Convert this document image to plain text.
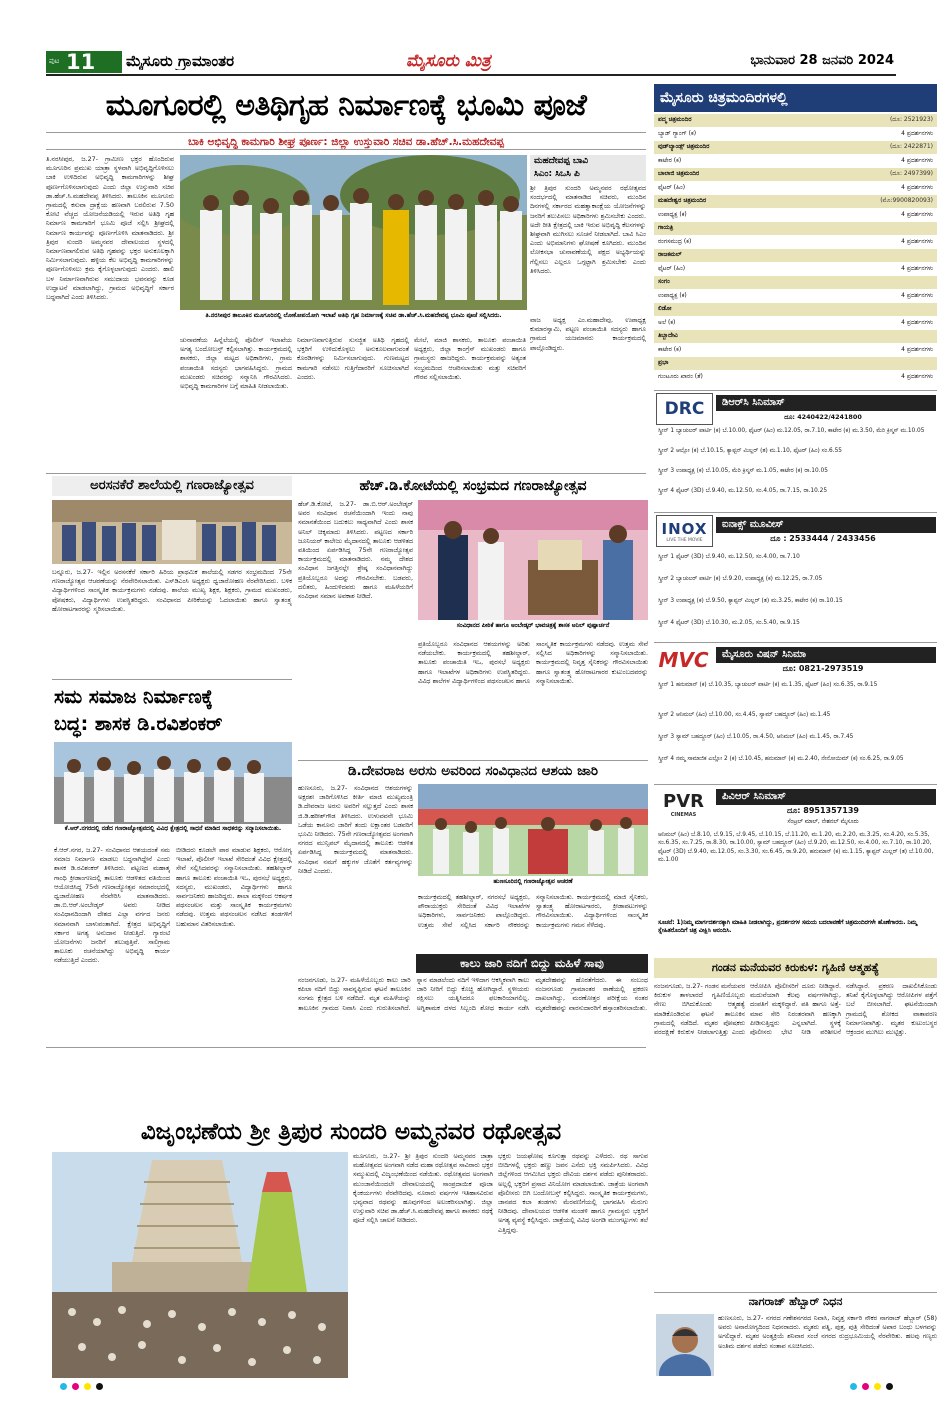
ಪುಟ 11 ಮೈಸೂರು ಗ್ರಾಮಾಂತರ	ಮೈಸೂರು ಮಿತ್ರ	ಭಾನುವಾರ 28 ಜನವರಿ 2024
ಮೂಗೂರಲ್ಲಿ ಅತಿಥಿಗೃಹ ನಿರ್ಮಾಣಕ್ಕೆ ಭೂಮಿ ಪೂಜೆ
ಬಾಕಿ ಅಭಿವೃದ್ಧಿ ಕಾಮಗಾರಿ ಶೀಘ್ರ ಪೂರ್ಣ: ಜಿಲ್ಲಾ ಉಸ್ತುವಾರಿ ಸಚಿವ ಡಾ.ಹೆಚ್.ಸಿ.ಮಹದೇವಪ್ಪ
ತಿ.ನರಸೀಪುರ, ಜ.27- ಗ್ರಾಮೀಣ ಭಕ್ತರ ಹೊಂದಿರುವ ಮೂಗೂರಿನ ಪ್ರಮುಖ ಯಾತ್ರಾ ಸ್ಥಳವಾಗಿ ಅಭಿವೃದ್ಧಿಗೊಳಿಸಲು ಬಾಕಿ ಉಳಿದಿರುವ ಅಭಿವೃದ್ಧಿ ಕಾಮಗಾರಿಗಳನ್ನು ಶೀಘ್ರ ಪೂರ್ಣಗೊಳಿಸಲಾಗುವುದು ಎಂದು ಜಿಲ್ಲಾ ಉಸ್ತುವಾರಿ ಸಚಿವ ಡಾ.ಹೆಚ್.ಸಿ.ಮಹದೇವಪ್ಪ ತಿಳಿಸಿದರು. ತಾಲೂಕಿನ ಮೂಗೂರು ಗ್ರಾಮದಲ್ಲಿ ಕಸುವಾ ದ್ರಾಕ್ಷೆಯ ಹಣವಾಗಿ ಬರಲಿರುವ 7.50 ಕೋಟಿ ವೆಚ್ಚದ ಯೋಜನೆಯಡಿಯಲ್ಲಿ ಇರುವ ಅತಿಥಿ ಗೃಹ ನಿರ್ಮಾಣ ಕಾಮಗಾರಿಗೆ ಭೂಮಿ ಪೂಜೆ ಸಲ್ಲಿಸಿ ಶ್ರೀಘ್ರದಲ್ಲಿ ನಿರ್ಮಾಣ ಕಾರ್ಯವನ್ನು ಪೂರ್ಣಗೊಳಿಸಿ ಮಾತನಾಡಿದರು. ಶ್ರೀ ತ್ರಿಪುರ ಸುಂದರಿ ಅಮ್ಮನವರ ದೇವಾಲಯದ ಸ್ಥಳದಲ್ಲಿ ನಿರ್ಮಾಣವಾಗಲಿರುವ ಅತಿಥಿ ಗೃಹವನ್ನು ಭಕ್ತರ ಅನುಕೂಲಕ್ಕಾಗಿ ನಿರ್ಮಿಸಲಾಗುವುದು. ಹಳ್ಳಿಯ ಕೆಲ ಅಭಿವೃದ್ಧಿ ಕಾಮಗಾರಿಗಳನ್ನು ಪೂರ್ಣಗೊಳಿಸಲು ಕ್ರಮ ಕೈಗೊಳ್ಳಲಾಗುವುದು ಎಂದರು. ಹಾಲಿ ಬಳ ನಿರ್ಮಾಣವಾಗಿರುವ ಸಮುದಾಯ ಭವನವನ್ನು ಕೂಡ ಉದ್ಘಾಟನೆ ಮಾಡಲಾಗಿದ್ದು, ಗ್ರಾಮದ ಅಭಿವೃದ್ಧಿಗೆ ಸರ್ಕಾರ ಬದ್ಧವಾಗಿದೆ ಎಂದು ತಿಳಿಸಿದರು.
ತಿ.ನರಸೀಪುರ ತಾಲೂಕಿನ ಮೂಗೂರಿನಲ್ಲಿ ಲೋಕೋಪಯೋಗಿ ಇಲಾಖೆ ಅತಿಥಿ ಗೃಹ ನಿರ್ಮಾಣಕ್ಕೆ ಸಚಿವ ಡಾ.ಹೆಚ್.ಸಿ.ಮಹದೇವಪ್ಪ ಭೂಮಿ ಪೂಜೆ ಸಲ್ಲಿಸಿದರು.
ಮಹದೇವಪ್ಪ ಬಾವಿ
ಸಿಎಂ: ಸಿಒಸಿ ಪಿ
ಶ್ರೀ ತ್ರಿಪುರ ಸುಂದರಿ ಅಮ್ಮನವರ ರಥೋತ್ಸವದ ಸಂದರ್ಭದಲ್ಲಿ ಮಾತನಾಡಿದ ಸಚಿವರು, ಮುಂದಿನ ದಿನಗಳಲ್ಲಿ ಸರ್ಕಾರದ ಮಹತ್ವಾಕಾಂಕ್ಷೆಯ ಯೋಜನೆಗಳನ್ನು ಜನರಿಗೆ ತಲುಪಿಸಲು ಅಧಿಕಾರಿಗಳು ಶ್ರಮಿಸಬೇಕು ಎಂದರು. ಅದೇ ರೀತಿ ಕ್ಷೇತ್ರದಲ್ಲಿ ಬಾಕಿ ಇರುವ ಅಭಿವೃದ್ಧಿ ಕೆಲಸಗಳನ್ನು ಶೀಘ್ರವಾಗಿ ಮುಗಿಸಲು ಸೂಚನೆ ನೀಡಲಾಗಿದೆ. ಬಾವಿ ಸಿಎಂ ಎಂದು ಅಭಿಮಾನಿಗಳು ಘೋಷಣೆ ಕೂಗಿದರು. ಮುಂದಿನ ಲೋಕಸಭಾ ಚುನಾವಣೆಯಲ್ಲಿ ಪಕ್ಷದ ಅಭ್ಯರ್ಥಿಯನ್ನು ಗೆಲ್ಲಿಸಲು ಎಲ್ಲರೂ ಒಗ್ಗಟ್ಟಾಗಿ ಶ್ರಮಿಸಬೇಕು ಎಂದು ತಿಳಿಸಿದರು.
ಚುನಾವಣೆಯ ಹಿನ್ನೆಲೆಯಲ್ಲಿ ಪೊಲೀಸ್ ಇಲಾಖೆಯ ಅಗತ್ಯ ಬಂದೋಬಸ್ತ್ ಕಲ್ಪಿಸಲಾಗಿತ್ತು. ಕಾರ್ಯಕ್ರಮದಲ್ಲಿ ಶಾಸಕರು, ಜಿಲ್ಲಾ ಮಟ್ಟದ ಅಧಿಕಾರಿಗಳು, ಗ್ರಾಮ ಪಂಚಾಯಿತಿ ಸದಸ್ಯರು ಭಾಗವಹಿಸಿದ್ದರು. ಗ್ರಾಮದ ಮುಖಂಡರು ಸಚಿವರನ್ನು ಸನ್ಮಾನಿಸಿ ಗೌರವಿಸಿದರು. ಅಭಿವೃದ್ಧಿ ಕಾಮಗಾರಿಗಳ ಬಗ್ಗೆ ಮಾಹಿತಿ ನೀಡಲಾಯಿತು.
ನಿರ್ಮಾಣವಾಗುತ್ತಿರುವ ಸುಸಜ್ಜಿತ ಅತಿಥಿ ಗೃಹದಲ್ಲಿ ಭಕ್ತರಿಗೆ ಉಳಿದುಕೊಳ್ಳಲು ಅನುಕೂಲವಾಗುವಂತೆ ಕೊಠಡಿಗಳನ್ನು ನಿರ್ಮಿಸಲಾಗುವುದು. ಗುಣಮಟ್ಟದ ಕಾಮಗಾರಿ ನಡೆಸಲು ಗುತ್ತಿಗೆದಾರರಿಗೆ ಸೂಚಿಸಲಾಗಿದೆ ಎಂದರು.
ಮೇಲೆ, ಮಾಜಿ ಶಾಸಕರು, ತಾಲೂಕು ಪಂಚಾಯಿತಿ ಅಧ್ಯಕ್ಷರು, ಜಿಲ್ಲಾ ಕಾಂಗ್ರೆಸ್ ಮುಖಂಡರು ಹಾಗೂ ಗ್ರಾಮಸ್ಥರು ಹಾಜರಿದ್ದರು. ಕಾರ್ಯಕ್ರಮವನ್ನು ಅತ್ಯಂತ ಸಂಭ್ರಮದಿಂದ ಆಚರಿಸಲಾಯಿತು ಮತ್ತು ಸಚಿವರಿಗೆ ಗೌರವ ಸಲ್ಲಿಸಲಾಯಿತು.
ವಾಜ ಅಧ್ಯಕ್ಷ ಎಂ.ಮಹಾದೇವು, ಉಪಾಧ್ಯಕ್ಷ ಕುಮಾರಸ್ವಾಮಿ, ಪಟ್ಟಣ ಪಂಚಾಯಿತಿ ಸದಸ್ಯರು ಹಾಗೂ ಗ್ರಾಮದ ಯಜಮಾನರು ಕಾರ್ಯಕ್ರಮದಲ್ಲಿ ಪಾಲ್ಗೊಂಡಿದ್ದರು.
ಅರಸನಕೆರೆ ಶಾಲೆಯಲ್ಲಿ ಗಣರಾಜ್ಯೋತ್ಸವ
ಬನ್ನೂರು, ಜ.27- ಇಲ್ಲಿನ ಅರಸನಕೆರೆ ಸರ್ಕಾರಿ ಹಿರಿಯ ಪ್ರಾಥಮಿಕ ಶಾಲೆಯಲ್ಲಿ ಸಡಗರ ಸಂಭ್ರಮದಿಂದ 75ನೇ ಗಣರಾಜ್ಯೋತ್ಸವ ಆಚರಣೆಯನ್ನು ನೆರವೇರಿಸಲಾಯಿತು. ಎಸ್‌ಡಿಎಂಸಿ ಅಧ್ಯಕ್ಷರು ಧ್ವಜಾರೋಹಣ ನೆರವೇರಿಸಿದರು. ಬಳಿಕ ವಿದ್ಯಾರ್ಥಿಗಳಿಂದ ಸಾಂಸ್ಕೃತಿಕ ಕಾರ್ಯಕ್ರಮಗಳು ನಡೆದವು. ಶಾಲೆಯ ಮುಖ್ಯ ಶಿಕ್ಷಕ, ಶಿಕ್ಷಕರು, ಗ್ರಾಮದ ಮುಖಂಡರು, ಪೋಷಕರು, ವಿದ್ಯಾರ್ಥಿಗಳು ಉಪಸ್ಥಿತರಿದ್ದರು. ಸಂವಿಧಾನದ ಪೀಠಿಕೆಯನ್ನು ಓದಲಾಯಿತು ಹಾಗೂ ಸ್ವಾತಂತ್ರ್ಯ ಹೋರಾಟಗಾರರನ್ನು ಸ್ಮರಿಸಲಾಯಿತು.
ಹೆಚ್.ಡಿ.ಕೋಟೆಯಲ್ಲಿ ಸಂಭ್ರಮದ ಗಣರಾಜ್ಯೋತ್ಸವ
ಹೆಚ್.ಡಿ.ಕೋಟೆ, ಜ.27- ಡಾ.ಬಿ.ಆರ್.ಅಂಬೇಡ್ಕರ್ ಅವರ ಸಂವಿಧಾನ ರಚನೆಯಿಂದಾಗಿ ಇಂದು ನಾವು ಸಮಾನತೆಯಿಂದ ಬದುಕಲು ಸಾಧ್ಯವಾಗಿದೆ ಎಂದು ಶಾಸಕ ಅನಿಲ್ ಚಿಕ್ಕಮಾದು ತಿಳಿಸಿದರು. ಪಟ್ಟಣದ ಸರ್ಕಾರಿ ಜೂನಿಯರ್ ಕಾಲೇಜು ಮೈದಾನದಲ್ಲಿ ತಾಲೂಕು ಆಡಳಿತದ ವತಿಯಿಂದ ಏರ್ಪಡಿಸಿದ್ದ 75ನೇ ಗಣರಾಜ್ಯೋತ್ಸವ ಕಾರ್ಯಕ್ರಮದಲ್ಲಿ ಮಾತನಾಡಿದರು. ನಮ್ಮ ದೇಶದ ಸಂವಿಧಾನ ಜಗತ್ತಿನಲ್ಲೇ ಶ್ರೇಷ್ಠ ಸಂವಿಧಾನವಾಗಿದ್ದು ಪ್ರತಿಯೊಬ್ಬರೂ ಅದನ್ನು ಗೌರವಿಸಬೇಕು. ಬಡವರು, ದಲಿತರು, ಹಿಂದುಳಿದವರು ಹಾಗೂ ಮಹಿಳೆಯರಿಗೆ ಸಂವಿಧಾನ ಸಮಾನ ಅವಕಾಶ ನೀಡಿದೆ.
ಸಂವಿಧಾನದ ಪೀಠಿಕೆ ಹಾಗೂ ಅಂಬೇಡ್ಕರ್ ಭಾವಚಿತ್ರಕ್ಕೆ ಶಾಸಕ ಅನಿಲ್ ಪುಷ್ಪಾರ್ಚನೆ
ಪ್ರತಿಯೊಬ್ಬರೂ ಸಂವಿಧಾನದ ಆಶಯಗಳನ್ನು ಅರಿತು ನಡೆಯಬೇಕು. ಕಾರ್ಯಕ್ರಮದಲ್ಲಿ ತಹಶೀಲ್ದಾರ್, ತಾಲೂಕು ಪಂಚಾಯಿತಿ ಇಒ, ಪುರಸಭೆ ಅಧ್ಯಕ್ಷರು ಹಾಗೂ ಇಲಾಖೆಗಳ ಅಧಿಕಾರಿಗಳು ಉಪಸ್ಥಿತರಿದ್ದರು. ವಿವಿಧ ಶಾಲೆಗಳ ವಿದ್ಯಾರ್ಥಿಗಳಿಂದ ಪಥಸಂಚಲನ ಹಾಗೂ ಸಾಂಸ್ಕೃತಿಕ ಕಾರ್ಯಕ್ರಮಗಳು ನಡೆದವು. ಉತ್ತಮ ಸೇವೆ ಸಲ್ಲಿಸಿದ ಅಧಿಕಾರಿಗಳನ್ನು ಸನ್ಮಾನಿಸಲಾಯಿತು. ಕಾರ್ಯಕ್ರಮದಲ್ಲಿ ನಿವೃತ್ತ ಸೈನಿಕರನ್ನು ಗೌರವಿಸಲಾಯಿತು ಹಾಗೂ ಸ್ವಾತಂತ್ರ್ಯ ಹೋರಾಟಗಾರರ ಕುಟುಂಬದವರನ್ನು ಸನ್ಮಾನಿಸಲಾಯಿತು.
ಸಮ ಸಮಾಜ ನಿರ್ಮಾಣಕ್ಕೆ
ಬದ್ಧ: ಶಾಸಕ ಡಿ.ರವಿಶಂಕರ್
ಕೆ.ಆರ್.ನಗರದಲ್ಲಿ ನಡೆದ ಗಣರಾಜ್ಯೋತ್ಸವದಲ್ಲಿ ವಿವಿಧ ಕ್ಷೇತ್ರದಲ್ಲಿ ಸಾಧನೆ ಮಾಡಿದ ಸಾಧಕರನ್ನು ಸನ್ಮಾನಿಸಲಾಯಿತು.
ಕೆ.ಆರ್.ನಗರ, ಜ.27- ಸಂವಿಧಾನದ ಆಶಯದಂತೆ ಸಮ ಸಮಾಜ ನಿರ್ಮಾಣ ಮಾಡಲು ಬದ್ಧನಾಗಿದ್ದೇನೆ ಎಂದು ಶಾಸಕ ಡಿ.ರವಿಶಂಕರ್ ತಿಳಿಸಿದರು. ಪಟ್ಟಣದ ಮಹಾತ್ಮ ಗಾಂಧಿ ಕ್ರೀಡಾಂಗಣದಲ್ಲಿ ತಾಲೂಕು ಆಡಳಿತದ ವತಿಯಿಂದ ಆಯೋಜಿಸಿದ್ದ 75ನೇ ಗಣರಾಜ್ಯೋತ್ಸವ ಸಮಾರಂಭದಲ್ಲಿ ಧ್ವಜಾರೋಹಣ ನೆರವೇರಿಸಿ ಮಾತನಾಡಿದರು. ಡಾ.ಬಿ.ಆರ್.ಅಂಬೇಡ್ಕರ್ ಅವರು ನೀಡಿದ ಸಂವಿಧಾನದಿಂದಾಗಿ ದೇಶದ ಎಲ್ಲಾ ವರ್ಗದ ಜನರು ಸಮಾನವಾಗಿ ಬಾಳುವಂತಾಗಿದೆ. ಕ್ಷೇತ್ರದ ಅಭಿವೃದ್ಧಿಗೆ ಸರ್ಕಾರ ಅಗತ್ಯ ಅನುದಾನ ನೀಡುತ್ತಿದೆ. ಗ್ಯಾರಂಟಿ ಯೋಜನೆಗಳು ಜನರಿಗೆ ತಲುಪುತ್ತಿವೆ. ಸಾಲಿಗ್ರಾಮ ತಾಲೂಕು ರಚನೆಯಾಗಿದ್ದು ಅಭಿವೃದ್ಧಿ ಕಾರ್ಯ ನಡೆಯುತ್ತಿದೆ ಎಂದರು.
ಬೀಡಿದರು ಕೂಡಲೇ ಪಾಠ ಮಾಡುವ ಶಿಕ್ಷಕರು, ಆರೋಗ್ಯ ಇಲಾಖೆ, ಪೊಲೀಸ್ ಇಲಾಖೆ ಸೇರಿದಂತೆ ವಿವಿಧ ಕ್ಷೇತ್ರದಲ್ಲಿ ಸೇವೆ ಸಲ್ಲಿಸಿದವರನ್ನು ಸನ್ಮಾನಿಸಲಾಯಿತು. ತಹಶೀಲ್ದಾರ್ ಹಾಗೂ ತಾಲೂಕು ಪಂಚಾಯಿತಿ ಇಒ, ಪುರಸಭೆ ಅಧ್ಯಕ್ಷರು, ಸದಸ್ಯರು, ಮುಖಂಡರು, ವಿದ್ಯಾರ್ಥಿಗಳು ಹಾಗೂ ಸಾರ್ವಜನಿಕರು ಹಾಜರಿದ್ದರು. ಶಾಲಾ ಮಕ್ಕಳಿಂದ ಆಕರ್ಷಕ ಪಥಸಂಚಲನ ಮತ್ತು ಸಾಂಸ್ಕೃತಿಕ ಕಾರ್ಯಕ್ರಮಗಳು ನಡೆದವು. ಉತ್ತಮ ಪಥಸಂಚಲನ ನಡೆಸಿದ ತಂಡಗಳಿಗೆ ಬಹುಮಾನ ವಿತರಿಸಲಾಯಿತು.
ಡಿ.ದೇವರಾಜ ಅರಸು ಅವರಿಂದ ಸಂವಿಧಾನದ ಆಶಯ ಜಾರಿ
ಹುಣಸೂರು, ಜ.27- ಸಂವಿಧಾನದ ಆಶಯಗಳನ್ನು ಅಕ್ಷರಶಃ ಜಾರಿಗೊಳಿಸಿದ ಕೀರ್ತಿ ಮಾಜಿ ಮುಖ್ಯಮಂತ್ರಿ ಡಿ.ದೇವರಾಜ ಅರಸು ಅವರಿಗೆ ಸಲ್ಲುತ್ತದೆ ಎಂದು ಶಾಸಕ ಜಿ.ಡಿ.ಹರೀಶ್‌ಗೌಡ ತಿಳಿಸಿದರು. ಉಳುವವನೇ ಭೂಮಿ ಒಡೆಯ ಕಾನೂನು ಜಾರಿಗೆ ತಂದು ಲಕ್ಷಾಂತರ ಬಡವರಿಗೆ ಭೂಮಿ ನೀಡಿದರು. 75ನೇ ಗಣರಾಜ್ಯೋತ್ಸವದ ಅಂಗವಾಗಿ ನಗರದ ಮುನ್ಸಿಪಲ್ ಮೈದಾನದಲ್ಲಿ ತಾಲೂಕು ಆಡಳಿತ ಏರ್ಪಡಿಸಿದ್ದ ಕಾರ್ಯಕ್ರಮದಲ್ಲಿ ಮಾತನಾಡಿದರು. ಸಂವಿಧಾನ ನಮಗೆ ಹಕ್ಕುಗಳ ಜೊತೆಗೆ ಕರ್ತವ್ಯಗಳನ್ನು ನೀಡಿದೆ ಎಂದರು.
ಹುಣಸೂರಿನಲ್ಲಿ ಗಣರಾಜ್ಯೋತ್ಸವ ಆಚರಣೆ
ಕಾರ್ಯಕ್ರಮದಲ್ಲಿ ತಹಶೀಲ್ದಾರ್, ನಗರಸಭೆ ಅಧ್ಯಕ್ಷರು, ಪೌರಾಯುಕ್ತರು ಸೇರಿದಂತೆ ವಿವಿಧ ಇಲಾಖೆಗಳ ಅಧಿಕಾರಿಗಳು, ಸಾರ್ವಜನಿಕರು ಪಾಲ್ಗೊಂಡಿದ್ದರು. ಉತ್ತಮ ಸೇವೆ ಸಲ್ಲಿಸಿದ ಸರ್ಕಾರಿ ನೌಕರರನ್ನು ಸನ್ಮಾನಿಸಲಾಯಿತು. ಕಾರ್ಯಕ್ರಮದಲ್ಲಿ ಮಾಜಿ ಸೈನಿಕರು, ಸ್ವಾತಂತ್ರ್ಯ ಹೋರಾಟಗಾರರು, ಕ್ರೀಡಾಪಟುಗಳನ್ನು ಗೌರವಿಸಲಾಯಿತು. ವಿದ್ಯಾರ್ಥಿಗಳಿಂದ ಸಾಂಸ್ಕೃತಿಕ ಕಾರ್ಯಕ್ರಮಗಳು ಗಮನ ಸೆಳೆದವು.
ಕಾಲು ಜಾರಿ ನದಿಗೆ ಬಿದ್ದು ಮಹಿಳೆ ಸಾವು
ನಂಜನಗೂಡು, ಜ.27- ಮಹಿಳೆಯೊಬ್ಬರು ಕಾಲು ಜಾರಿ ಕಪಿಲಾ ನದಿಗೆ ಬಿದ್ದು ಸಾವನ್ನಪ್ಪಿರುವ ಘಟನೆ ತಾಲೂಕಿನ ಸಂಗಮ ಕ್ಷೇತ್ರದ ಬಳಿ ನಡೆದಿದೆ. ಮೃತ ಮಹಿಳೆಯನ್ನು ತಾಲೂಕಿನ ಗ್ರಾಮದ ನಿವಾಸಿ ಎಂದು ಗುರುತಿಸಲಾಗಿದೆ. ಸ್ನಾನ ಮಾಡಲೆಂದು ನದಿಗೆ ಇಳಿದಾಗ ಆಕಸ್ಮಿಕವಾಗಿ ಕಾಲು ಜಾರಿ ನೀರಿಗೆ ಬಿದ್ದು ಕೊಚ್ಚಿ ಹೋಗಿದ್ದಾರೆ. ಸ್ಥಳೀಯರು ರಕ್ಷಿಸಲು ಯತ್ನಿಸಿದರೂ ಫಲಕಾರಿಯಾಗಲಿಲ್ಲ. ಅಗ್ನಿಶಾಮಕ ದಳದ ಸಿಬ್ಬಂದಿ ಶೋಧ ಕಾರ್ಯ ನಡೆಸಿ ಮೃತದೇಹವನ್ನು ಹೊರತೆಗೆದರು. ಈ ಸಂಬಂಧ ನಂಜನಗೂಡು ಗ್ರಾಮಾಂತರ ಠಾಣೆಯಲ್ಲಿ ಪ್ರಕರಣ ದಾಖಲಾಗಿದ್ದು, ಮರಣೋತ್ತರ ಪರೀಕ್ಷೆಯ ನಂತರ ಮೃತದೇಹವನ್ನು ವಾರಸುದಾರರಿಗೆ ಹಸ್ತಾಂತರಿಸಲಾಯಿತು.
ಮೈಸೂರು ಚಿತ್ರಮಂದಿರಗಳಲ್ಲಿ
ಪದ್ಮ ಚಿತ್ರಮಂದಿರ	(ದೂ: 2521923)
ಬ್ಯಾಡ್ ಗ್ಯಾಂಗ್ (ಕ)	4 ಪ್ರದರ್ಶನಗಳು
ವುಡ್‌ಲ್ಯಾಂಡ್ಸ್ ಚಿತ್ರಮಂದಿರ	(ದೂ: 2422871)
ಕಾಟೇರ (ಕ)	4 ಪ್ರದರ್ಶನಗಳು
ಬಾಲಾಜಿ ಚಿತ್ರಮಂದಿರ	(ದೂ: 2497399)
ಫೈಟರ್ (ಹಿಂ)	4 ಪ್ರದರ್ಶನಗಳು
ಮಹದೇಶ್ವರ ಚಿತ್ರಮಂದಿರ	(ಮೊ:9900820093)
ಉಪಾಧ್ಯಕ್ಷ (ಕ)	4 ಪ್ರದರ್ಶನಗಳು
ಗಾಯತ್ರಿ
ರಂಗಸಮುದ್ರ (ಕ)	4 ಪ್ರದರ್ಶನಗಳು
ರಾಜಕಮಲ್
ಫೈಟರ್ (ಹಿಂ)	4 ಪ್ರದರ್ಶನಗಳು
ಸಂಗಂ
ಉಪಾಧ್ಯಕ್ಷ (ಕ)	4 ಪ್ರದರ್ಶನಗಳು
ಲಿಡೋ
ಅಲೆ (ಕ)	4 ಪ್ರದರ್ಶನಗಳು
ತಿಬ್ಬಾದೇವಿ
ಕಾಟೇರ (ಕ)	4 ಪ್ರದರ್ಶನಗಳು
ಪ್ರಭಾ
ಗುಂಟೂರು ಖಾರಂ (ತೆ)	4 ಪ್ರದರ್ಶನಗಳು
DRC	ಡಿಆರ್‌ಸಿ ಸಿನಿಮಾಸ್
ದೂ: 4240422/4241800
ಸ್ಕ್ರೀನ್ 1 ಬ್ಯಾಚುಲರ್ ಪಾರ್ಟಿ (ಕ) ಬೆ.10.00, ಫೈಟರ್ (ಹಿಂ) ಮ.12.05, ರಾ.7.10, ಕಾಟೇರ (ಕ) ಮ.3.50, ಮೆರಿ ಕ್ರಿಸ್ಮಸ್ ಮ.10.05
ಸ್ಕ್ರೀನ್ 2 ಆಲ್ಸೋ (ಕ) ಬೆ.10.15, ಕ್ಯಾಪ್ಟನ್ ಮಿಲ್ಲರ್ (ತ) ಮ.1.10, ಫೈಟರ್ (ಹಿಂ) ಸಂ.6.55
ಸ್ಕ್ರೀನ್ 3 ಉಪಾಧ್ಯಕ್ಷ (ಕ) ಬೆ.10.05, ಮೆರಿ ಕ್ರಿಸ್ಮಸ್ ಮ.1.05, ಕಾಟೇರ (ಕ) ರಾ.10.05
ಸ್ಕ್ರೀನ್ 4 ಫೈಟರ್ (3D) ಬೆ.9.40, ಮ.12.50, ಸಂ.4.05, ರಾ.7.15, ರಾ.10.25
INOX
LIVE THE MOVIE
ಐನಾಕ್ಸ್ ಮೂವೀಸ್
ದೂ : 2533444 / 2433456
ಸ್ಕ್ರೀನ್ 1 ಫೈಟರ್ (3D) ಬೆ.9.40, ಮ.12.50, ಸಂ.4.00, ರಾ.7.10
ಸ್ಕ್ರೀನ್ 2 ಬ್ಯಾಚುಲರ್ ಪಾರ್ಟಿ (ಕ) ಬೆ.9.20, ಉಪಾಧ್ಯಕ್ಷ (ಕ) ಮ.12.25, ರಾ.7.05
ಸ್ಕ್ರೀನ್ 3 ಉಪಾಧ್ಯಕ್ಷ (ಕ) ಬೆ.9.50, ಕ್ಯಾಪ್ಟನ್ ಮಿಲ್ಲರ್ (ತ) ಮ.3.25, ಕಾಟೇರ (ಕ) ರಾ.10.15
ಸ್ಕ್ರೀನ್ 4 ಫೈಟರ್ (3D) ಬೆ.10.30, ಮ.2.05, ಸಂ.5.40, ರಾ.9.15
MVC	ಮೈಸೂರು ವಿಷನ್ ಸಿನಿಮಾ
ದೂ: 0821-2973519
ಸ್ಕ್ರೀನ್ 1 ಹನುಮಾನ್ (ಕ) ಬೆ.10.35, ಬ್ಯಾಚುಲರ್ ಪಾರ್ಟಿ (ಕ) ಮ.1.35, ಫೈಟರ್ (ಹಿಂ) ಸಂ.6.35, ರಾ.9.15
ಸ್ಕ್ರೀನ್ 2 ಆನಿಮಲ್ (ಹಿಂ) ಬೆ.10.00, ಸಂ.4.45, ಸ್ಯಾಮ್ ಬಹದ್ದೂರ್ (ಹಿಂ) ಮ.1.45
ಸ್ಕ್ರೀನ್ 3 ಸ್ಯಾಮ್ ಬಹದ್ದೂರ್ (ಹಿಂ) ಬೆ.10.05, ರಾ.4.50, ಆನಿಮಲ್ (ಹಿಂ) ಮ.1.45, ರಾ.7.45
ಸ್ಕ್ರೀನ್ 4 ನಮ್ಮ ಸಾಮಾಜಿಕ ಎಲ್ಲೋ 2 (ಕ) ಬೆ.10.45, ಹನುಮಾನ್ (ಕ) ಮ.2.40, ನೇನೋಯಿಮ್ (ಕ) ಸಂ.6.25, ರಾ.9.05
PVR
CINEMAS
ಪಿವಿಆರ್ ಸಿನಿಮಾಸ್
ದೂ: 8951357139
ಸೆಂಟ್ರಲ್ ಮಾಲ್, ನೇಶನಲ್ ಮೈಸೂರು
ಆನಿಮಲ್ (ಹಿಂ) ಬೆ.8.10, ಬೆ.9.15, ಬೆ.9.45, ಬೆ.10.15, ಬೆ.11.20, ಮ.1.20, ಮ.2.20, ಮ.3.25, ಸಂ.4.20, ಸಂ.5.35, ಸಂ.6.35, ಸಂ.7.25, ರಾ.8.30, ರಾ.10.00, ಸ್ಯಾಮ್ ಬಹದ್ದೂರ್ (ಹಿಂ) ಬೆ.9.20, ಮ.12.50, ಸಂ.4.00, ಸಂ.7.10, ರಾ.10.20, ಫೈಟರ್ (3D) ಬೆ.9.40, ಮ.12.05, ಸಂ.3.30, ಸಂ.6.45, ರಾ.9.20, ಹನುಮಾನ್ (ಕ) ಮ.1.15, ಕ್ಯಾಪ್ಟನ್ ಮಿಲ್ಲರ್ (ತ) ಬೆ.10.00, ಮ.1.00
ಸೂಚನೆ: 1)ನಿಮ್ಮ ಮಾರ್ಗದರ್ಶನಕ್ಕಾಗಿ ಮಾಹಿತಿ ನೀಡಲಾಗಿದ್ದು, ಪ್ರದರ್ಶನಗಳ ಸಮಯ ಬದಲಾವಣೆಗೆ ಚಿತ್ರಮಂದಿರಗಳೇ ಹೊಣೆಗಾರರು. ನಿಮ್ಮ ಸ್ನೇಹಿತರೊಂದಿಗೆ ಚಿತ್ರ ವೀಕ್ಷಿಸಿ ಆನಂದಿಸಿ.
ಗಂಡನ ಮನೆಯವರ ಕಿರುಕುಳ: ಗೃಹಿಣಿ ಆತ್ಮಹತ್ಯೆ
ನಂಜನಗೂಡು, ಜ.27- ಗಂಡನ ಮನೆಯವರ ಕಿರುಕುಳ ತಾಳಲಾರದೆ ಗೃಹಿಣಿಯೊಬ್ಬರು ನೇಣು ಬಿಗಿದುಕೊಂಡು ಆತ್ಮಹತ್ಯೆ ಮಾಡಿಕೊಂಡಿರುವ ಘಟನೆ ತಾಲೂಕಿನ ಗ್ರಾಮದಲ್ಲಿ ನಡೆದಿದೆ. ಮೃತರ ಪೋಷಕರು ವರದಕ್ಷಿಣೆ ಕಿರುಕುಳ ನೀಡಲಾಗುತ್ತಿತ್ತು ಎಂದು ಆರೋಪಿಸಿ ಪೊಲೀಸರಿಗೆ ದೂರು ನೀಡಿದ್ದಾರೆ. ಮದುವೆಯಾಗಿ ಕೆಲವು ವರ್ಷಗಳಾಗಿದ್ದು, ದಂಪತಿಗೆ ಮಕ್ಕಳಿದ್ದಾರೆ. ಪತಿ ಹಾಗೂ ಅತ್ತೆ-ಮಾವ ಸೇರಿ ನಿರಂತರವಾಗಿ ಹಣಕ್ಕಾಗಿ ಪೀಡಿಸುತ್ತಿದ್ದರು ಎನ್ನಲಾಗಿದೆ. ಸ್ಥಳಕ್ಕೆ ಪೊಲೀಸರು ಭೇಟಿ ನೀಡಿ ಪರಿಶೀಲನೆ ನಡೆಸಿದ್ದಾರೆ. ಪ್ರಕರಣ ದಾಖಲಿಸಿಕೊಂಡು ತನಿಖೆ ಕೈಗೊಳ್ಳಲಾಗಿದ್ದು ಆರೋಪಿಗಳ ಪತ್ತೆಗೆ ಬಲೆ ಬೀಸಲಾಗಿದೆ. ಘಟನೆಯಿಂದಾಗಿ ಗ್ರಾಮದಲ್ಲಿ ಶೋಕದ ವಾತಾವರಣ ನಿರ್ಮಾಣವಾಗಿತ್ತು. ಮೃತರ ಕುಟುಂಬಸ್ಥರ ಆಕ್ರಂದನ ಮುಗಿಲು ಮುಟ್ಟಿತ್ತು.
ವಿಜೃಂಭಣೆಯ ಶ್ರೀ ತ್ರಿಪುರ ಸುಂದರಿ ಅಮ್ಮನವರ ರಥೋತ್ಸವ
ಮೂಗೂರು, ಜ.27- ಶ್ರೀ ತ್ರಿಪುರ ಸುಂದರಿ ಅಮ್ಮನವರ ಜಾತ್ರಾ ಮಹೋತ್ಸವದ ಅಂಗವಾಗಿ ನಡೆದ ಮಹಾ ರಥೋತ್ಸವ ಸಾವಿರಾರು ಭಕ್ತರ ಸಮ್ಮುಖದಲ್ಲಿ ವಿಜೃಂಭಣೆಯಿಂದ ನಡೆಯಿತು. ರಥೋತ್ಸವದ ಅಂಗವಾಗಿ ಮುಂಜಾನೆಯಿಂದಲೇ ದೇವಾಲಯದಲ್ಲಿ ಸಾಂಪ್ರದಾಯಿಕ ಪೂಜಾ ಕೈಂಕರ್ಯಗಳು ನೆರವೇರಿದವು. ನೂರಾರು ವರ್ಷಗಳ ಇತಿಹಾಸವಿರುವ ಭವ್ಯವಾದ ರಥವನ್ನು ಹೂವುಗಳಿಂದ ಅಲಂಕರಿಸಲಾಗಿತ್ತು. ಜಿಲ್ಲಾ ಉಸ್ತುವಾರಿ ಸಚಿವ ಡಾ.ಹೆಚ್.ಸಿ.ಮಹದೇವಪ್ಪ ಹಾಗೂ ಶಾಸಕರು ರಥಕ್ಕೆ ಪೂಜೆ ಸಲ್ಲಿಸಿ ಚಾಲನೆ ನೀಡಿದರು.
ಭಕ್ತರು ಜಯಘೋಷ ಕೂಗುತ್ತಾ ರಥವನ್ನು ಎಳೆದರು. ರಥ ಸಾಗುವ ಬೀದಿಗಳಲ್ಲಿ ಭಕ್ತರು ಹಣ್ಣು ಜವನ ಎಸೆದು ಭಕ್ತಿ ಸಮರ್ಪಿಸಿದರು. ವಿವಿಧ ಜಿಲ್ಲೆಗಳಿಂದ ಆಗಮಿಸಿದ ಭಕ್ತರು ದೇವಿಯ ದರ್ಶನ ಪಡೆದು ಪುನೀತರಾದರು. ಅಲ್ಲಲ್ಲಿ ಭಕ್ತರಿಗೆ ಪ್ರಸಾದ ವಿನಿಯೋಗ ಮಾಡಲಾಯಿತು. ಜಾತ್ರೆಯ ಅಂಗವಾಗಿ ಪೊಲೀಸರು ಬಿಗಿ ಬಂದೋಬಸ್ತ್ ಕಲ್ಪಿಸಿದ್ದರು. ಸಾಂಸ್ಕೃತಿಕ ಕಾರ್ಯಕ್ರಮಗಳು, ಜಾನಪದ ಕಲಾ ತಂಡಗಳು ಮೆರವಣಿಗೆಯಲ್ಲಿ ಭಾಗವಹಿಸಿ ಮೆರುಗು ನೀಡಿದವು. ದೇವಾಲಯದ ಆಡಳಿತ ಮಂಡಳಿ ಹಾಗೂ ಗ್ರಾಮಸ್ಥರು ಭಕ್ತರಿಗೆ ಅಗತ್ಯ ವ್ಯವಸ್ಥೆ ಕಲ್ಪಿಸಿದ್ದರು. ಜಾತ್ರೆಯಲ್ಲಿ ವಿವಿಧ ಅಂಗಡಿ ಮುಂಗಟ್ಟುಗಳು ತಲೆ ಎತ್ತಿದ್ದವು.
ನಾಗರಾಜ್ ಹೆಬ್ಬಾರ್ ನಿಧನ
ಹುಣಸೂರು, ಜ.27- ನಗರದ ಗಣೇಶನಗರದ ನಿವಾಸಿ, ನಿವೃತ್ತ ಸರ್ಕಾರಿ ನೌಕರ ನಾಗರಾಜ್ ಹೆಬ್ಬಾರ್ (58) ಅವರು ಅನಾರೋಗ್ಯದಿಂದ ನಿಧನರಾದರು. ಮೃತರು ಪತ್ನಿ, ಪುತ್ರ, ಪುತ್ರಿ ಸೇರಿದಂತೆ ಅಪಾರ ಬಂಧು ಬಳಗವನ್ನು ಅಗಲಿದ್ದಾರೆ. ಮೃತರ ಅಂತ್ಯಕ್ರಿಯೆ ಶನಿವಾರ ಸಂಜೆ ನಗರದ ರುದ್ರಭೂಮಿಯಲ್ಲಿ ನೆರವೇರಿತು. ಹಲವು ಗಣ್ಯರು ಅಂತಿಮ ದರ್ಶನ ಪಡೆದು ಸಂತಾಪ ಸೂಚಿಸಿದರು.
